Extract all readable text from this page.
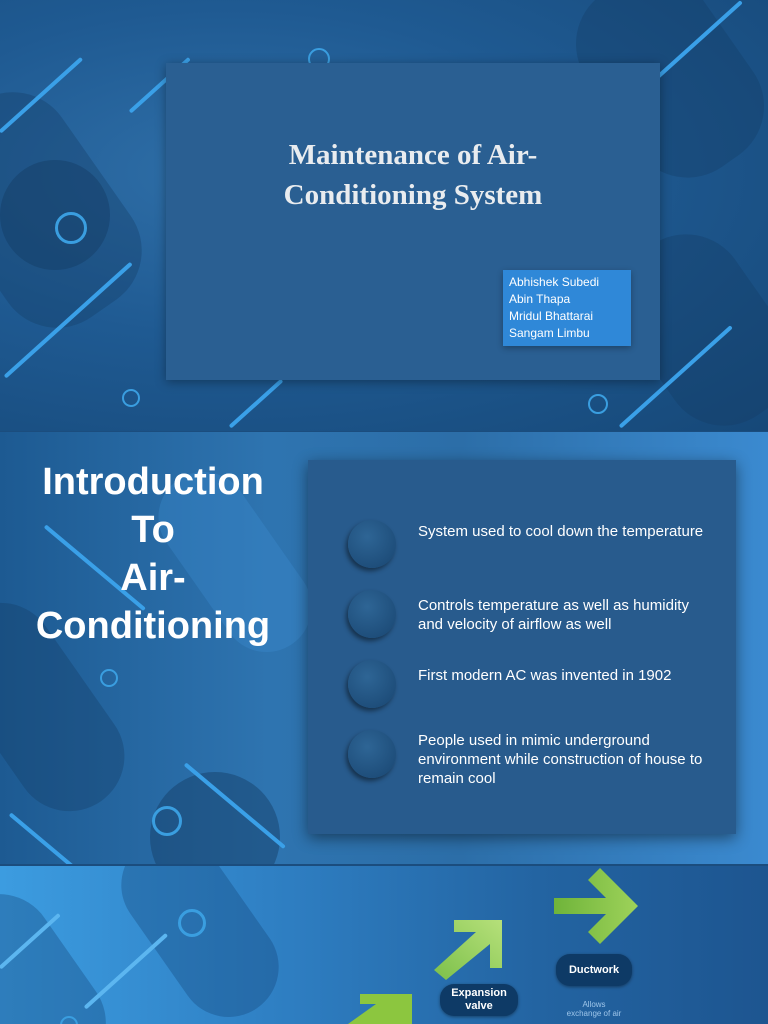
Maintenance of Air-
Conditioning System
Abhishek Subedi
Abin Thapa
Mridul Bhattarai
Sangam Limbu
Introduction
To
Air-
Conditioning
System used to cool down the temperature
Controls temperature as well as humidity and velocity of airflow as well
First modern AC was invented in 1902
People used in mimic underground environment while construction of house to remain cool
Ductwork
Expansion
valve	Allows
exchange of air
